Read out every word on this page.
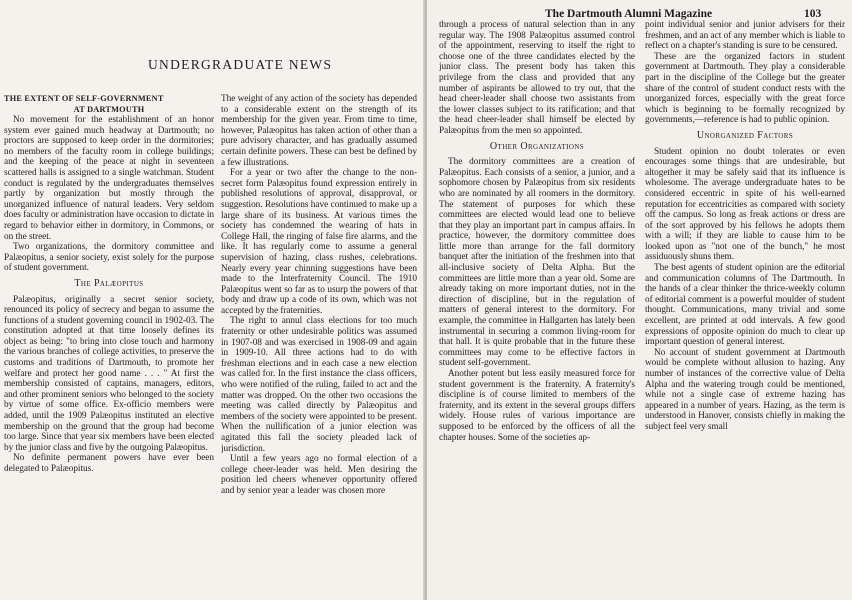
UNDERGRADUATE NEWS
THE EXTENT OF SELF-GOVERNMENT
AT DARTMOUTH

No movement for the establishment of an honor system ever gained much headway at Dartmouth; no proctors are supposed to keep order in the dormitories; no members of the faculty room in college buildings; and the keeping of the peace at night in seventeen scattered halls is assigned to a single watchman. Student conduct is regulated by the undergraduates themselves partly by organization but mostly through the unorganized influence of natural leaders. Very seldom does faculty or administration have occasion to dictate in regard to behavior either in dormitory, in Commons, or on the street.

Two organizations, the dormitory committee and Palæopitus, a senior society, exist solely for the purpose of student government.

The Palæopitus

Palæopitus, originally a secret senior society, renounced its policy of secrecy and began to assume the functions of a student governing council in 1902-03. The constitution adopted at that time loosely defines its object as being: "to bring into close touch and harmony the various branches of college activities, to preserve the customs and traditions of Dartmouth, to promote her welfare and protect her good name . . . " At first the membership consisted of captains, managers, editors, and other prominent seniors who belonged to the society by virtue of some office. Ex-officio members were added, until the 1909 Palæopitus instituted an elective membership on the ground that the group had become too large. Since that year six members have been elected by the junior class and five by the outgoing Palæopitus.

No definite permanent powers have ever been delegated to Palæopitus.

The weight of any action of the society has depended to a considerable extent on the strength of its membership for the given year. From time to time, however, Palæopitus has taken action of other than a pure advisory character, and has gradually assumed certain definite powers. These can best be defined by a few illustrations.

For a year or two after the change to the non-secret form Palæopitus found expression entirely in published resolutions of approval, disapproval, or suggestion. Resolutions have continued to make up a large share of its business. At various times the society has condemned the wearing of hats in College Hall, the ringing of false fire alarms, and the like. It has regularly come to assume a general supervision of hazing, class rushes, celebrations. Nearly every year chinning suggestions have been made to the Interfraternity Council. The 1910 Palæopitus went so far as to usurp the powers of that body and draw up a code of its own, which was not accepted by the fraternities.

The right to annul class elections for too much fraternity or other undesirable politics was assumed in 1907-08 and was exercised in 1908-09 and again in 1909-10. All three actions had to do with freshman elections and in each case a new election was called for. In the first instance the class officers, who were notified of the ruling, failed to act and the matter was dropped. On the other two occasions the meeting was called directly by Palæopitus and members of the society were appointed to be present. When the nullification of a junior election was agitated this fall the society pleaded lack of jurisdiction.

Until a few years ago no formal election of a college cheer-leader was held. Men desiring the position led cheers whenever opportunity offered and by senior year a leader was chosen more

The Dartmouth Alumni Magazine	103

through a process of natural selection than in any regular way. The 1908 Palæopitus assumed control of the appointment, reserving to itself the right to choose one of the three candidates elected by the junior class. The present body has taken this privilege from the class and provided that any number of aspirants be allowed to try out, that the head cheer-leader shall choose two assistants from the lower classes subject to its ratification; and that the head cheer-leader shall himself be elected by Palæopitus from the men so appointed.

Other Organizations

The dormitory committees are a creation of Palæopitus. Each consists of a senior, a junior, and a sophomore chosen by Palæopitus from six residents who are nominated by all roomers in the dormitory. The statement of purposes for which these committees are elected would lead one to believe that they play an important part in campus affairs. In practice, however, the dormitory committee does little more than arrange for the fall dormitory banquet after the initiation of the freshmen into that all-inclusive society of Delta Alpha. But the committees are little more than a year old. Some are already taking on more important duties, not in the direction of discipline, but in the regulation of matters of general interest to the dormitory. For example, the committee in Hallgarten has lately been instrumental in securing a common living-room for that hall. It is quite probable that in the future these committees may come to be effective factors in student self-government.

Another potent but less easily measured force for student government is the fraternity. A fraternity's discipline is of course limited to members of the fraternity, and its extent in the several groups differs widely. House rules of various importance are supposed to be enforced by the officers of all the chapter houses. Some of the societies ap-

point individual senior and junior advisers for their freshmen, and an act of any member which is liable to reflect on a chapter's standing is sure to be censured.

These are the organized factors in student government at Dartmouth. They play a considerable part in the discipline of the College but the greater share of the control of student conduct rests with the unorganized forces, especially with the great force which is beginning to be formally recognized by governments,—reference is had to public opinion.

Unorganized Factors

Student opinion no doubt tolerates or even encourages some things that are undesirable, but altogether it may be safely said that its influence is wholesome. The average undergraduate hates to be considered eccentric in spite of his well-earned reputation for eccentricities as compared with society off the campus. So long as freak actions or dress are of the sort approved by his fellows he adopts them with a will; if they are liable to cause him to be looked upon as "not one of the bunch," he most assiduously shuns them.

The best agents of student opinion are the editorial and communication columns of The Dartmouth. In the hands of a clear thinker the thrice-weekly column of editorial comment is a powerful moulder of student thought. Communications, many trivial and some excellent, are printed at odd intervals. A few good expressions of opposite opinion do much to clear up important question of general interest.

No account of student government at Dartmouth would be complete without allusion to hazing. Any number of instances of the corrective value of Delta Alpha and the watering trough could be mentioned, while not a single case of extreme hazing has appeared in a number of years. Hazing, as the term is understood in Hanover, consists chiefly in making the subject feel very small
